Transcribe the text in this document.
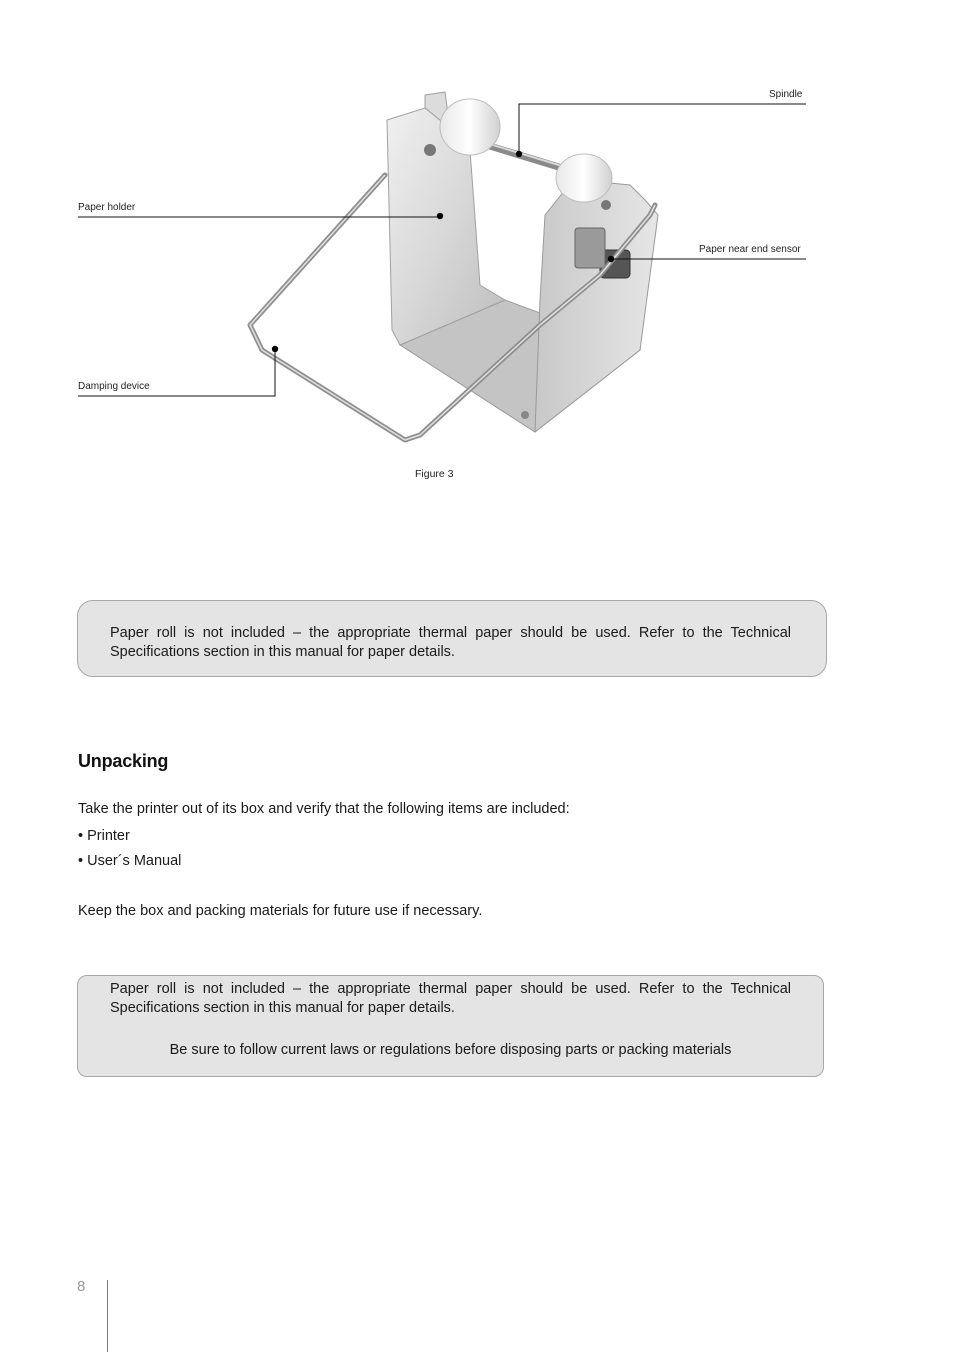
Spindle
Paper holder
Paper near end sensor
Damping device
Figure 3

Paper roll is not included – the appropriate thermal paper should be used. Refer to the Technical Specifications section in this manual for paper details.

Unpacking
Take the printer out of its box and verify that the following items are included:
• Printer
• User´s Manual
Keep the box and packing materials for future use if necessary.

Paper roll is not included – the appropriate thermal paper should be used. Refer to the Technical Specifications section in this manual for paper details.

Be sure to follow current laws or regulations before disposing parts or packing materials

8
